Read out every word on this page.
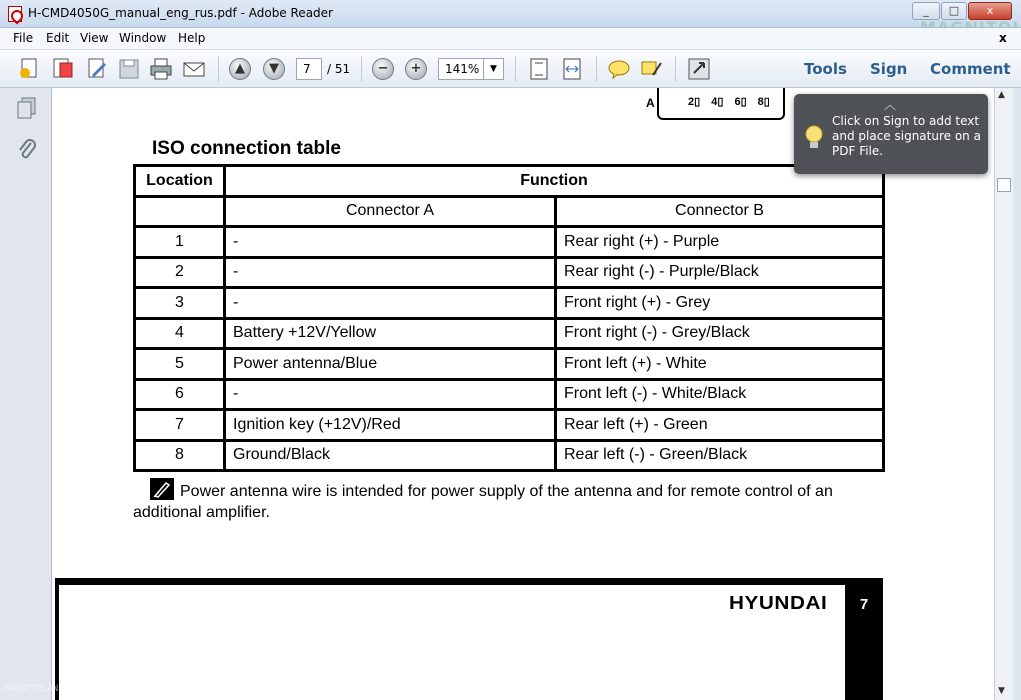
H-CMD4050G_manual_eng_rus.pdf - Adobe Reader	_	□	x
File Edit View Window Help	x
▲	▼	7	/ 51	−	+	141%	▼	Tools Sign Comment
A	2▯ 4▯ 6▯ 8▯
ISO connection table
Location	Function	
	Connector A	Connector B
1	-	Rear right (+) - Purple
2	-	Rear right (-) - Purple/Black
3	-	Front right (+) - Grey
4	Battery +12V/Yellow	Front right (-) - Grey/Black
5	Power antenna/Blue	Front left (+) - White
6	-	Front left (-) - White/Black
7	Ignition key (+12V)/Red	Rear left (+) - Green
8	Ground/Black	Rear left (-) - Green/Black
Power antenna wire is intended for power supply of the antenna and for remote control of an additional amplifier.
HYUNDAI	7
︿
Click on Sign to add text and place signature on a PDF File.
▲
▼
MAGNITOLANE.ORG/ LRU/ LRU/.NET/
